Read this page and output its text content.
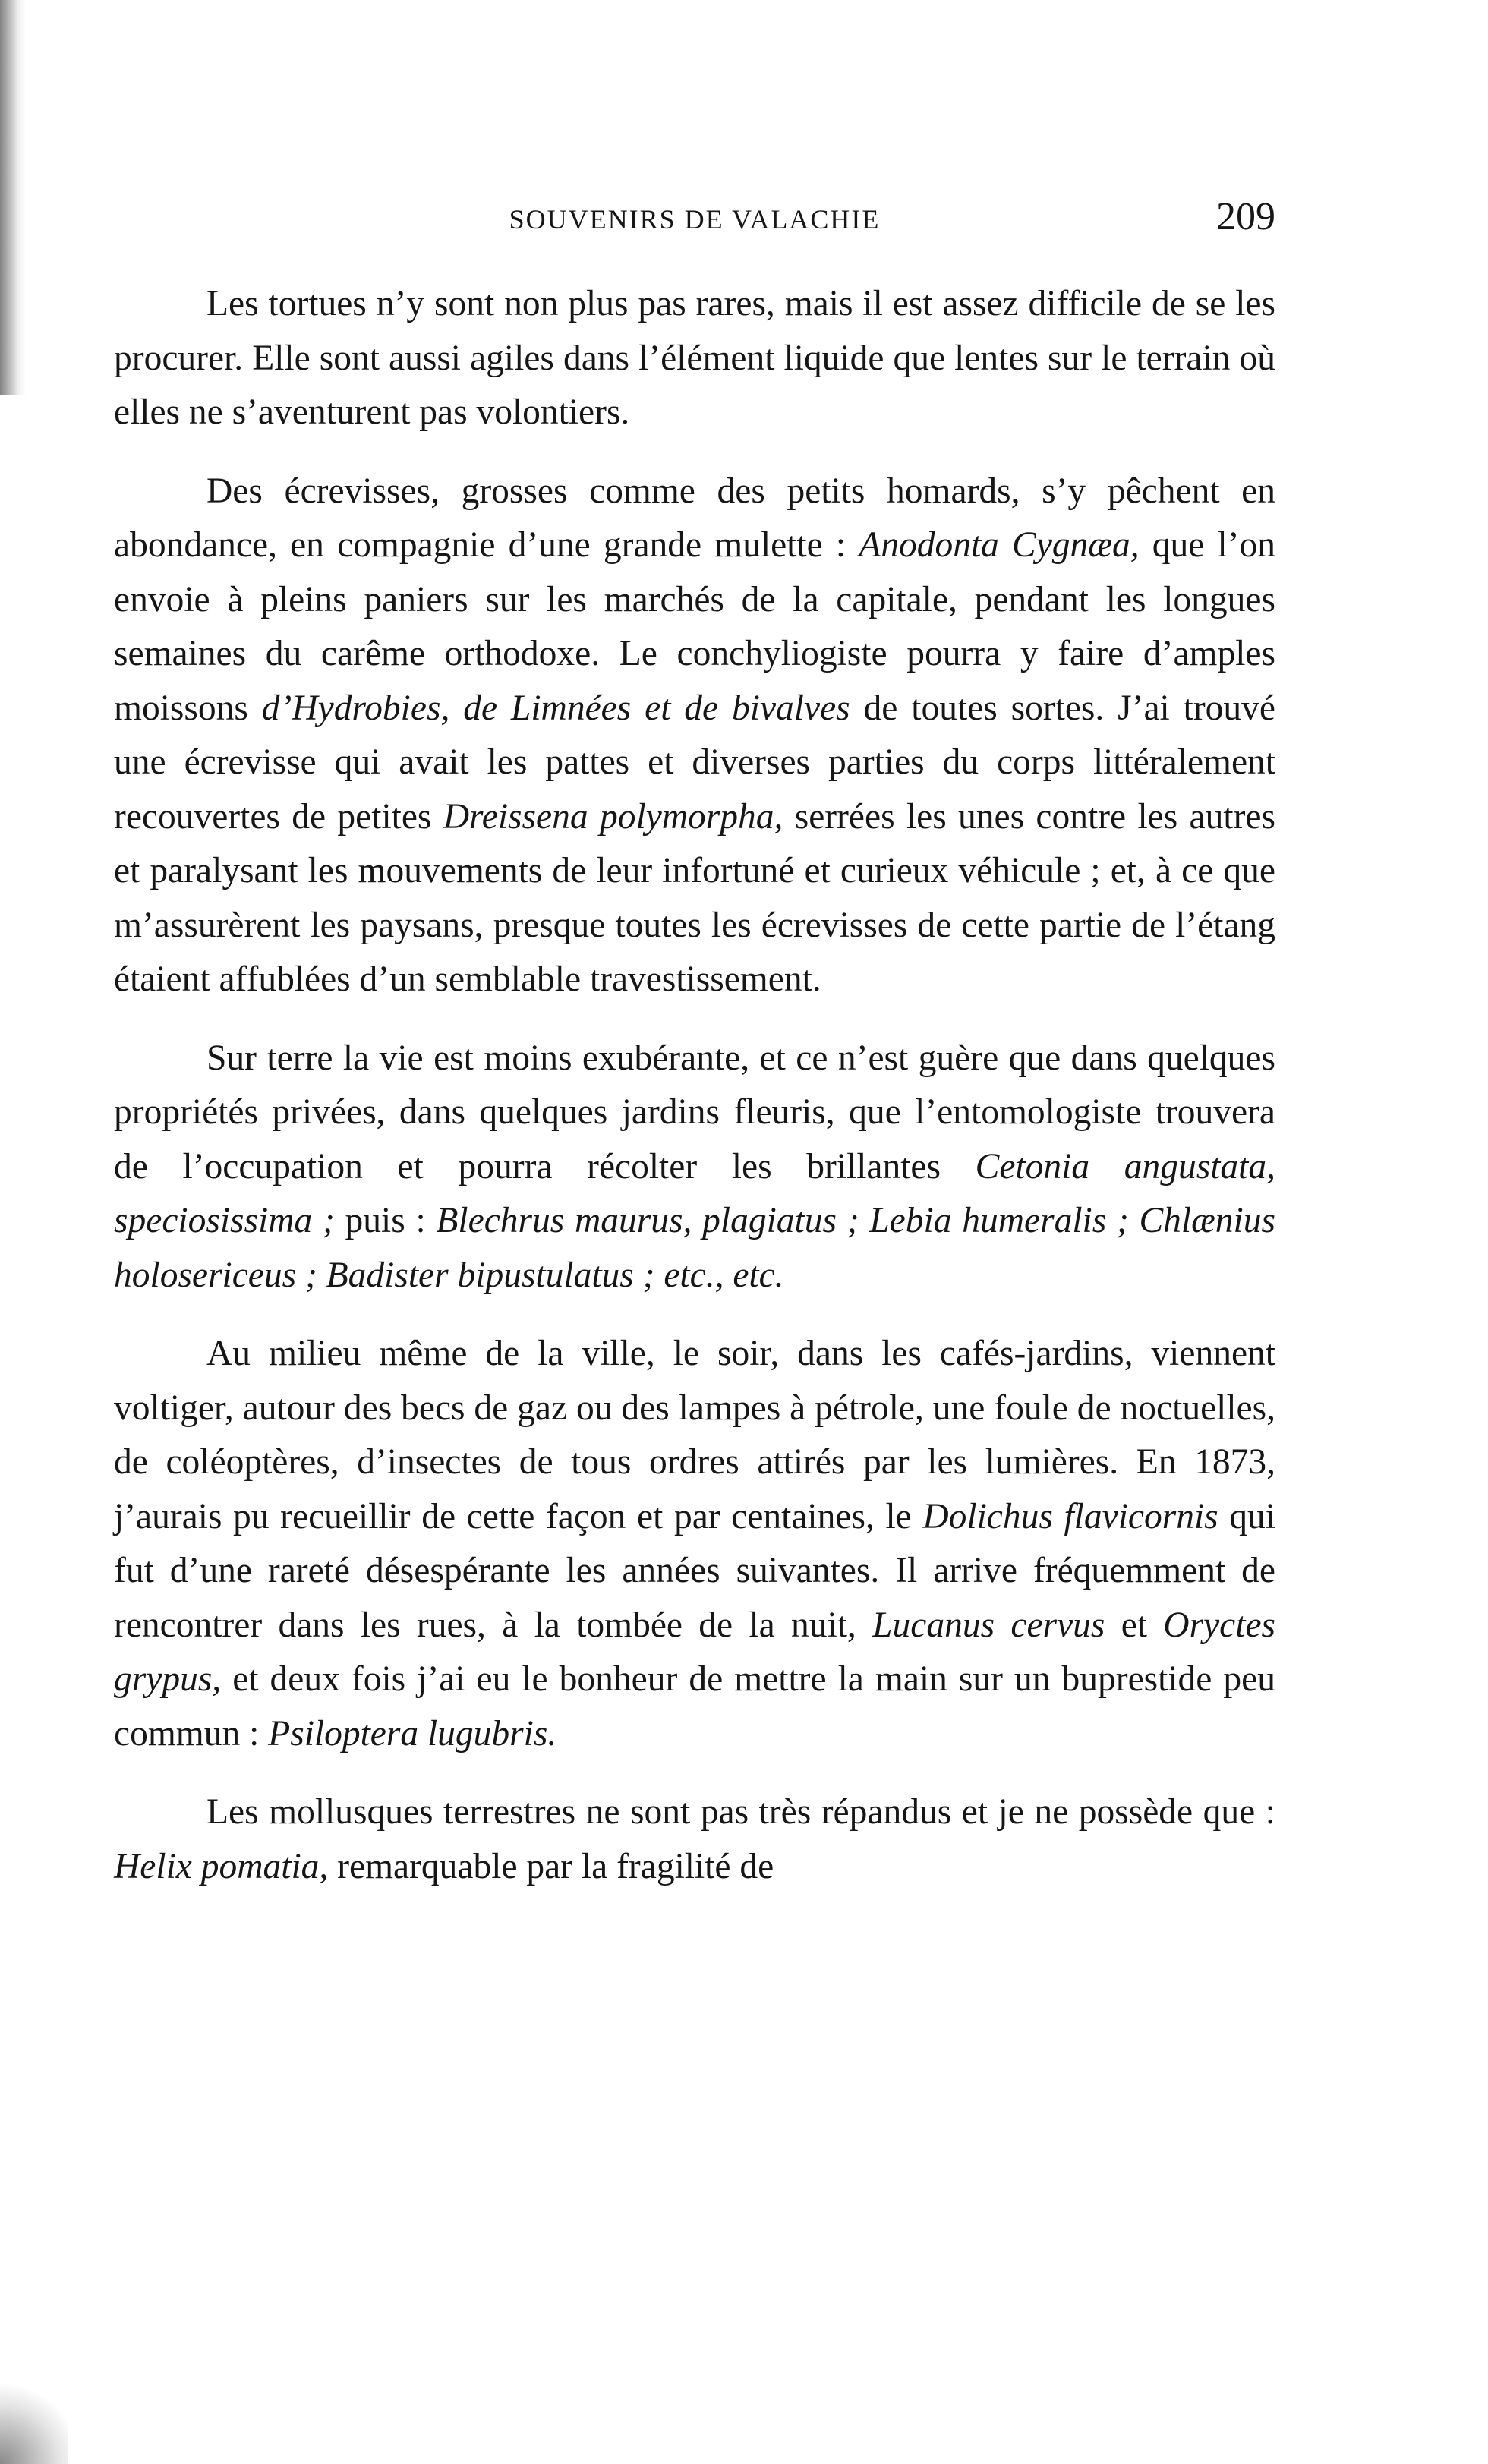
SOUVENIRS DE VALACHIE	209

Les tortues n’y sont non plus pas rares, mais il est assez difficile de se les procurer. Elle sont aussi agiles dans l’élément liquide que lentes sur le terrain où elles ne s’aventurent pas volontiers.

Des écrevisses, grosses comme des petits homards, s’y pêchent en abondance, en compagnie d’une grande mulette : Anodonta Cygnæa, que l’on envoie à pleins paniers sur les marchés de la capitale, pendant les longues semaines du carême orthodoxe. Le conchyliogiste pourra y faire d’amples moissons d’Hydrobies, de Limnées et de bivalves de toutes sortes. J’ai trouvé une écrevisse qui avait les pattes et diverses parties du corps littéralement recouvertes de petites Dreissena polymorpha, serrées les unes contre les autres et paralysant les mouvements de leur infortuné et curieux véhicule ; et, à ce que m’assurèrent les paysans, presque toutes les écrevisses de cette partie de l’étang étaient affublées d’un semblable travestissement.

Sur terre la vie est moins exubérante, et ce n’est guère que dans quelques propriétés privées, dans quelques jardins fleuris, que l’entomologiste trouvera de l’occupation et pourra récolter les brillantes Cetonia angustata, speciosissima ; puis : Blechrus maurus, plagiatus ; Lebia humeralis ; Chlænius holosericeus ; Badister bipustulatus ; etc., etc.

Au milieu même de la ville, le soir, dans les cafés-jardins, viennent voltiger, autour des becs de gaz ou des lampes à pétrole, une foule de noctuelles, de coléoptères, d’insectes de tous ordres attirés par les lumières. En 1873, j’aurais pu recueillir de cette façon et par centaines, le Dolichus flavicornis qui fut d’une rareté désespérante les années suivantes. Il arrive fréquemment de rencontrer dans les rues, à la tombée de la nuit, Lucanus cervus et Oryctes grypus, et deux fois j’ai eu le bonheur de mettre la main sur un buprestide peu commun : Psiloptera lugubris.

Les mollusques terrestres ne sont pas très répandus et je ne possède que : Helix pomatia, remarquable par la fragilité de
